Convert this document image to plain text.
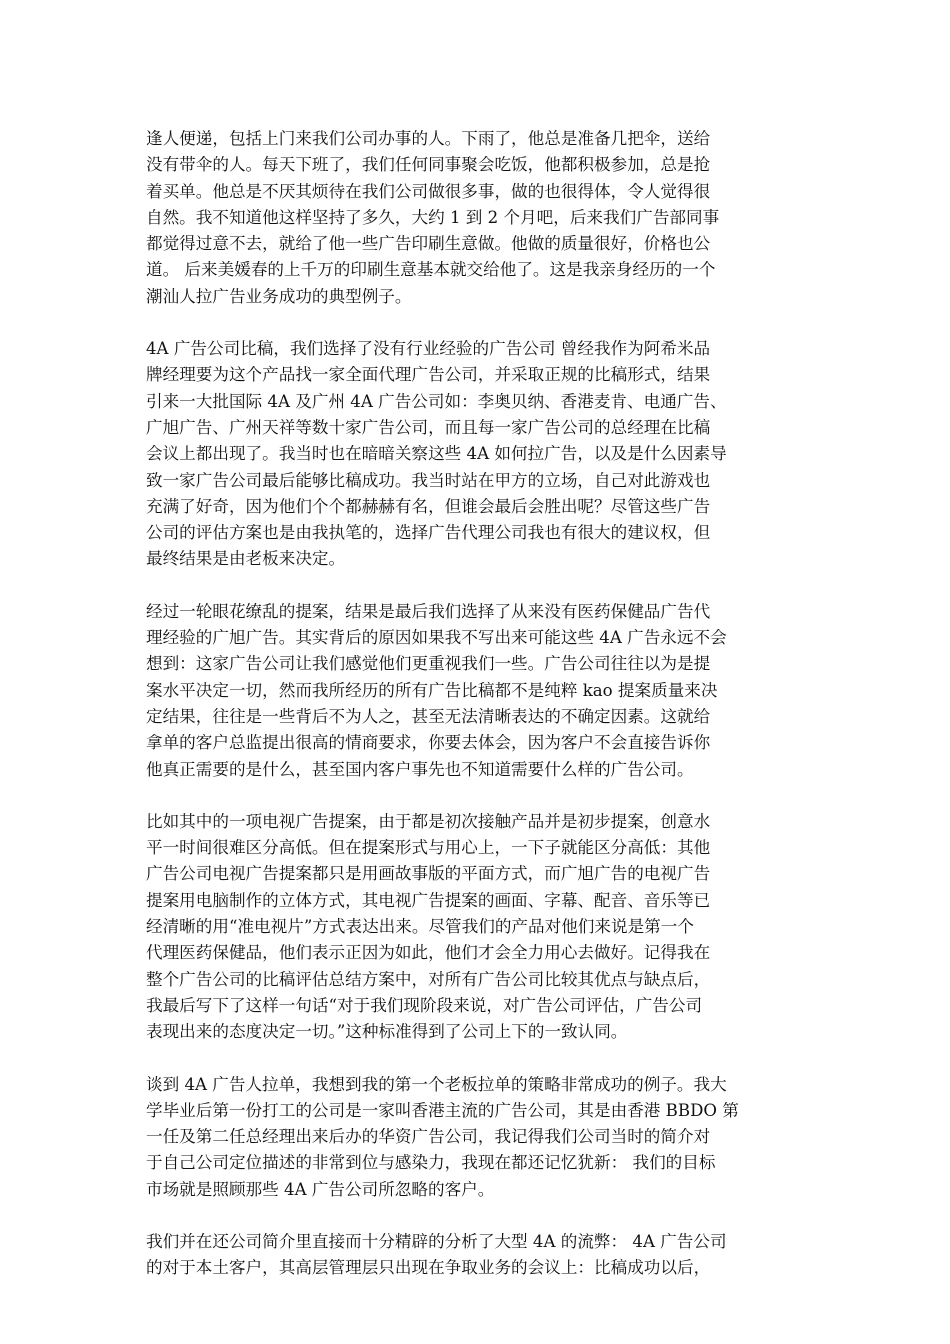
逢人便递，包括上门来我们公司办事的人。下雨了，他总是准备几把伞，送给
没有带伞的人。每天下班了，我们任何同事聚会吃饭，他都积极参加，总是抢
着买单。他总是不厌其烦待在我们公司做很多事，做的也很得体，令人觉得很
自然。我不知道他这样坚持了多久，大约 1 到 2 个月吧，后来我们广告部同事
都觉得过意不去，就给了他一些广告印刷生意做。他做的质量很好，价格也公
道。 后来美媛春的上千万的印刷生意基本就交给他了。这是我亲身经历的一个
潮汕人拉广告业务成功的典型例子。
4A 广告公司比稿，我们选择了没有行业经验的广告公司 曾经我作为阿希米品
牌经理要为这个产品找一家全面代理广告公司，并采取正规的比稿形式，结果
引来一大批国际 4A 及广州 4A 广告公司如：李奥贝纳、香港麦肯、电通广告、
广旭广告、广州天祥等数十家广告公司，而且每一家广告公司的总经理在比稿
会议上都出现了。我当时也在暗暗关察这些 4A 如何拉广告，以及是什么因素导
致一家广告公司最后能够比稿成功。我当时站在甲方的立场，自己对此游戏也
充满了好奇，因为他们个个都赫赫有名，但谁会最后会胜出呢？尽管这些广告
公司的评估方案也是由我执笔的，选择广告代理公司我也有很大的建议权，但
最终结果是由老板来决定。
经过一轮眼花缭乱的提案，结果是最后我们选择了从来没有医药保健品广告代
理经验的广旭广告。其实背后的原因如果我不写出来可能这些 4A 广告永远不会
想到：这家广告公司让我们感觉他们更重视我们一些。广告公司往往以为是提
案水平决定一切，然而我所经历的所有广告比稿都不是纯粹 kao 提案质量来决
定结果，往往是一些背后不为人之，甚至无法清晰表达的不确定因素。这就给
拿单的客户总监提出很高的情商要求，你要去体会，因为客户不会直接告诉你
他真正需要的是什么，甚至国内客户事先也不知道需要什么样的广告公司。
比如其中的一项电视广告提案，由于都是初次接触产品并是初步提案，创意水
平一时间很难区分高低。但在提案形式与用心上，一下子就能区分高低：其他
广告公司电视广告提案都只是用画故事版的平面方式，而广旭广告的电视广告
提案用电脑制作的立体方式，其电视广告提案的画面、字幕、配音、音乐等已
经清晰的用“准电视片”方式表达出来。尽管我们的产品对他们来说是第一个
代理医药保健品，他们表示正因为如此，他们才会全力用心去做好。记得我在
整个广告公司的比稿评估总结方案中，对所有广告公司比较其优点与缺点后，
我最后写下了这样一句话“对于我们现阶段来说，对广告公司评估，广告公司
表现出来的态度决定一切。”这种标准得到了公司上下的一致认同。
谈到 4A 广告人拉单，我想到我的第一个老板拉单的策略非常成功的例子。我大
学毕业后第一份打工的公司是一家叫香港主流的广告公司，其是由香港 BBDO 第
一任及第二任总经理出来后办的华资广告公司，我记得我们公司当时的简介对
于自己公司定位描述的非常到位与感染力，我现在都还记忆犹新： 我们的目标
市场就是照顾那些 4A 广告公司所忽略的客户。
我们并在还公司简介里直接而十分精辟的分析了大型 4A 的流弊： 4A 广告公司
的对于本土客户，其高层管理层只出现在争取业务的会议上：比稿成功以后，
